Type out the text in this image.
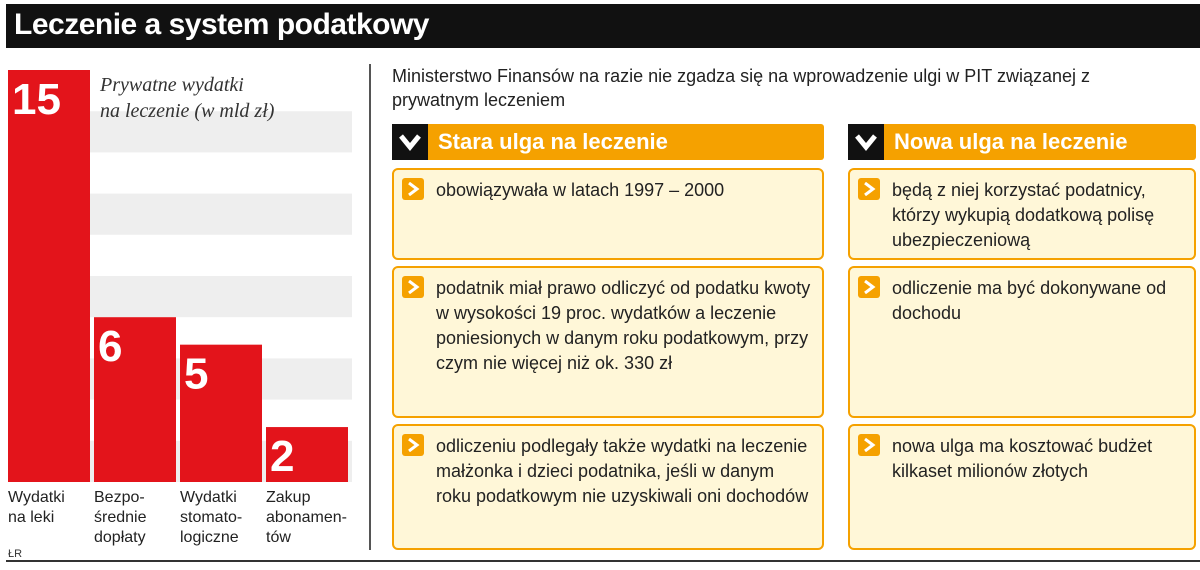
Leczenie a system podatkowy
15
6
5
2
Prywatne wydatki
na leczenie (w mld zł)
Wydatki
na leki
Bezpo-
średnie
dopłaty
Wydatki
stomato-
logiczne
Zakup
abonamen-
tów
ŁR
Ministerstwo Finansów na razie nie zgadza się na wprowadzenie ulgi w PIT związanej z prywatnym leczeniem
Stara ulga na leczenie
obowiązywała w latach 1997 – 2000
podatnik miał prawo odliczyć od podatku kwoty w wysokości 19 proc. wydatków a leczenie poniesionych w danym roku podatkowym, przy czym nie więcej niż ok. 330 zł
odliczeniu podlegały także wydatki na leczenie małżonka i dzieci podatnika, jeśli w danym roku podatkowym nie uzyskiwali oni dochodów
Nowa ulga na leczenie
będą z niej korzystać podatnicy, którzy wykupią dodatkową polisę ubezpieczeniową
odliczenie ma być dokonywane od dochodu
nowa ulga ma kosztować budżet kilkaset milionów złotych
